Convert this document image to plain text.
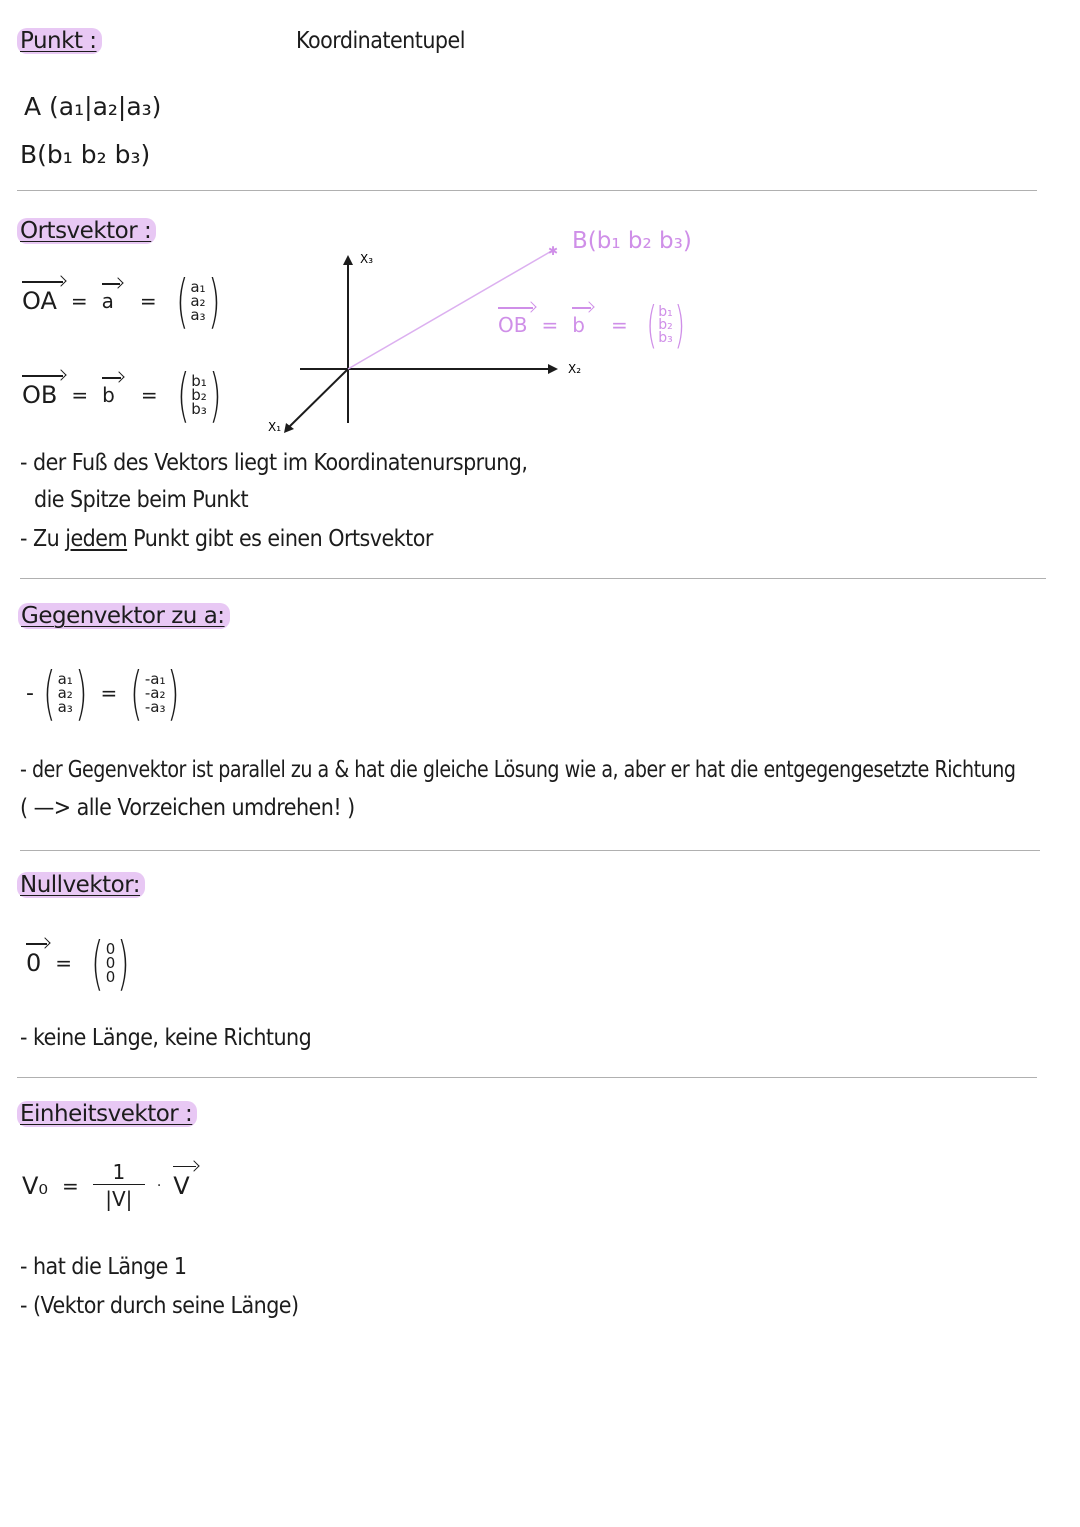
Punkt :	Koordinatentupel
A (a₁|a₂|a₃)
B(b₁ b₂ b₃)
Ortsvektor :
OA = a = ( a₁
a₂
a₃ )
OB = b = ( b₁
b₂
b₃ )
✱
X₃
X₂
X₁
B(b₁ b₂ b₃)
OB = b = ( b₁
b₂
b₃ )
- der Fuß des Vektors liegt im Koordinatenursprung,
die Spitze beim Punkt
- Zu jedem Punkt gibt es einen Ortsvektor
Gegenvektor zu a:
- ( a₁
a₂
a₃ ) = ( -a₁
-a₂
-a₃ )
- der Gegenvektor ist parallel zu a & hat die gleiche Lösung wie a, aber er hat die entgegengesetzte Richtung
( —> alle Vorzeichen umdrehen! )
Nullvektor:
0 = ( 0
0
0 )
- keine Länge, keine Richtung
Einheitsvektor :
$V_0 = \frac{1}{|V|} \cdot V$
- hat die Länge 1
- (Vektor durch seine Länge)
